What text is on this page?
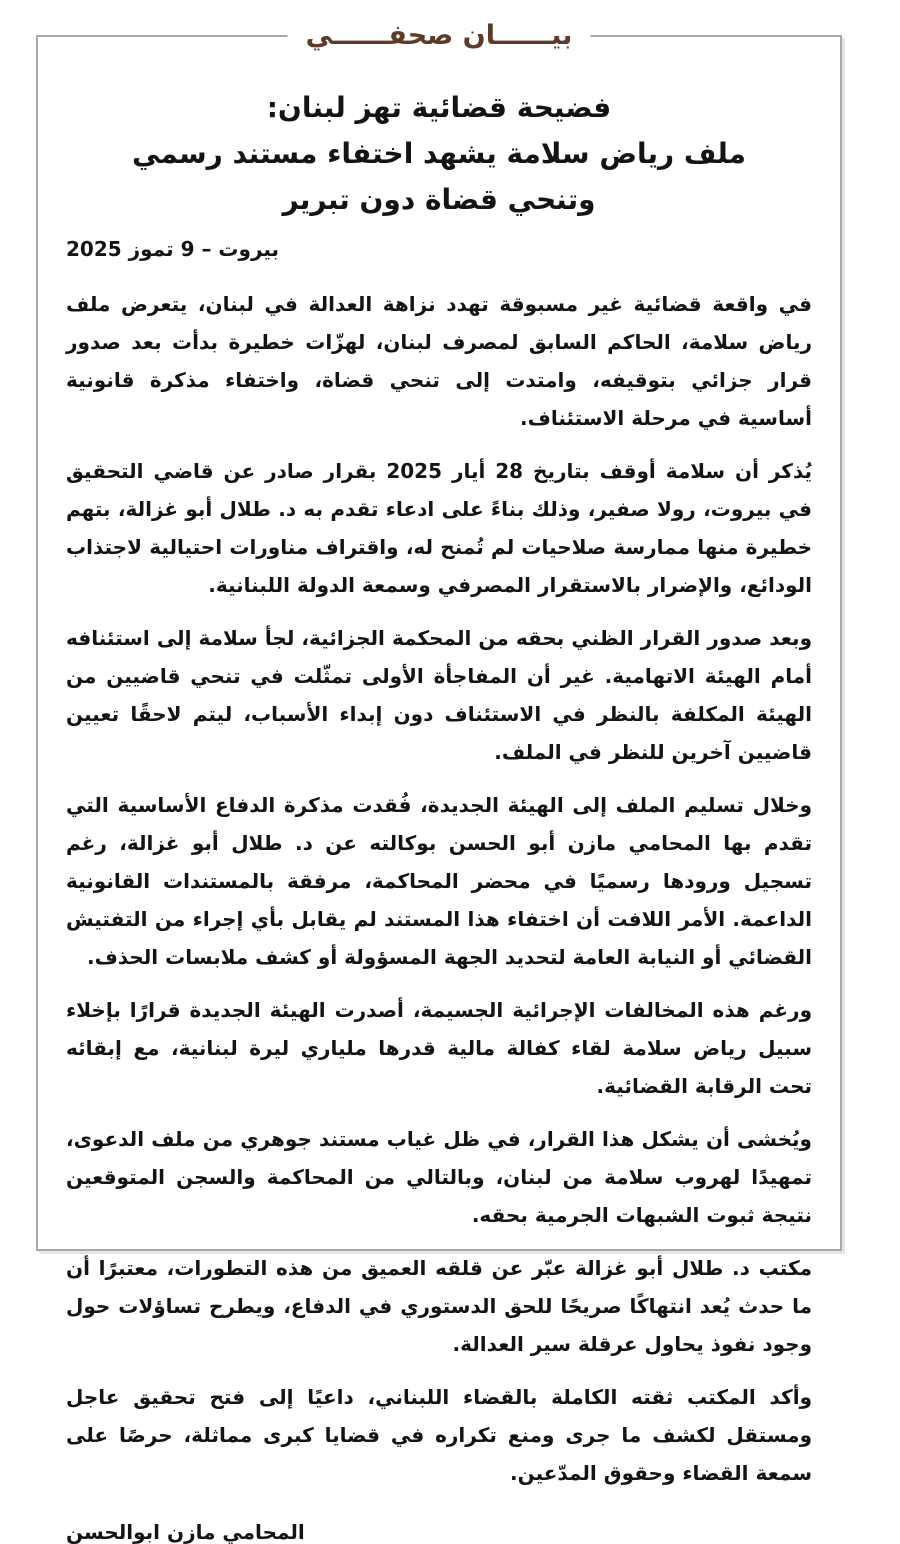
بيــــــان صحفــــــي
فضيحة قضائية تهز لبنان:
ملف رياض سلامة يشهد اختفاء مستند رسمي
وتنحي قضاة دون تبرير
بيروت – 9 تموز 2025

في واقعة قضائية غير مسبوقة تهدد نزاهة العدالة في لبنان، يتعرض ملف رياض سلامة، الحاكم السابق لمصرف لبنان، لهزّات خطيرة بدأت بعد صدور قرار جزائي بتوقيفه، وامتدت إلى تنحي قضاة، واختفاء مذكرة قانونية أساسية في مرحلة الاستئناف.

يُذكر أن سلامة أوقف بتاريخ 28 أيار 2025 بقرار صادر عن قاضي التحقيق في بيروت، رولا صفير، وذلك بناءً على ادعاء تقدم به د. طلال أبو غزالة، بتهم خطيرة منها ممارسة صلاحيات لم تُمنح له، واقتراف مناورات احتيالية لاجتذاب الودائع، والإضرار بالاستقرار المصرفي وسمعة الدولة اللبنانية.

وبعد صدور القرار الظني بحقه من المحكمة الجزائية، لجأ سلامة إلى استئنافه أمام الهيئة الاتهامية. غير أن المفاجأة الأولى تمثّلت في تنحي قاضيين من الهيئة المكلفة بالنظر في الاستئناف دون إبداء الأسباب، ليتم لاحقًا تعيين قاضيين آخرين للنظر في الملف.

وخلال تسليم الملف إلى الهيئة الجديدة، فُقدت مذكرة الدفاع الأساسية التي تقدم بها المحامي مازن أبو الحسن بوكالته عن د. طلال أبو غزالة، رغم تسجيل ورودها رسميًا في محضر المحاكمة، مرفقة بالمستندات القانونية الداعمة. الأمر اللافت أن اختفاء هذا المستند لم يقابل بأي إجراء من التفتيش القضائي أو النيابة العامة لتحديد الجهة المسؤولة أو كشف ملابسات الحذف.

ورغم هذه المخالفات الإجرائية الجسيمة، أصدرت الهيئة الجديدة قرارًا بإخلاء سبيل رياض سلامة لقاء كفالة مالية قدرها ملياري ليرة لبنانية، مع إبقائه تحت الرقابة القضائية.

ويُخشى أن يشكل هذا القرار، في ظل غياب مستند جوهري من ملف الدعوى، تمهيدًا لهروب سلامة من لبنان، وبالتالي من المحاكمة والسجن المتوقعين نتيجة ثبوت الشبهات الجرمية بحقه.

مكتب د. طلال أبو غزالة عبّر عن قلقه العميق من هذه التطورات، معتبرًا أن ما حدث يُعد انتهاكًا صريحًا للحق الدستوري في الدفاع، ويطرح تساؤلات حول وجود نفوذ يحاول عرقلة سير العدالة.

وأكد المكتب ثقته الكاملة بالقضاء اللبناني، داعيًا إلى فتح تحقيق عاجل ومستقل لكشف ما جرى ومنع تكراره في قضايا كبرى مماثلة، حرصًا على سمعة القضاء وحقوق المدّعين.

المحامي مازن ابوالحسن
